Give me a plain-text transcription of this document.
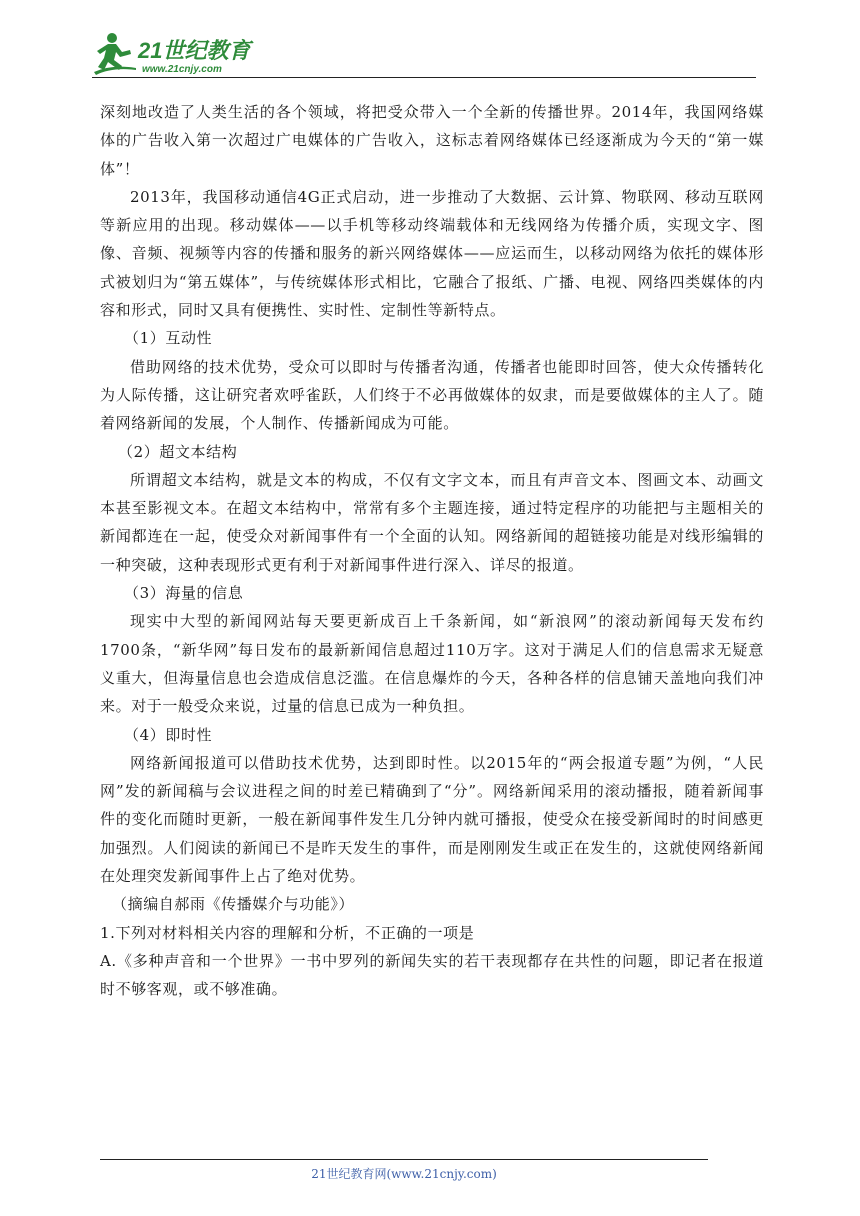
21世纪教育
www.21cnjy.com

深刻地改造了人类生活的各个领域，将把受众带入一个全新的传播世界。2014年，我国网络媒体的广告收入第一次超过广电媒体的广告收入，这标志着网络媒体已经逐渐成为今天的“第一媒体”！

2013年，我国移动通信4G正式启动，进一步推动了大数据、云计算、物联网、移动互联网等新应用的出现。移动媒体——以手机等移动终端载体和无线网络为传播介质，实现文字、图像、音频、视频等内容的传播和服务的新兴网络媒体——应运而生，以移动网络为依托的媒体形式被划归为“第五媒体”，与传统媒体形式相比，它融合了报纸、广播、电视、网络四类媒体的内容和形式，同时又具有便携性、实时性、定制性等新特点。

（1）互动性

借助网络的技术优势，受众可以即时与传播者沟通，传播者也能即时回答，使大众传播转化为人际传播，这让研究者欢呼雀跃，人们终于不必再做媒体的奴隶，而是要做媒体的主人了。随着网络新闻的发展，个人制作、传播新闻成为可能。

（2）超文本结构

所谓超文本结构，就是文本的构成，不仅有文字文本，而且有声音文本、图画文本、动画文本甚至影视文本。在超文本结构中，常常有多个主题连接，通过特定程序的功能把与主题相关的新闻都连在一起，使受众对新闻事件有一个全面的认知。网络新闻的超链接功能是对线形编辑的一种突破，这种表现形式更有利于对新闻事件进行深入、详尽的报道。

（3）海量的信息

现实中大型的新闻网站每天要更新成百上千条新闻，如“新浪网”的滚动新闻每天发布约1700条，“新华网”每日发布的最新新闻信息超过110万字。这对于满足人们的信息需求无疑意义重大，但海量信息也会造成信息泛滥。在信息爆炸的今天，各种各样的信息铺天盖地向我们冲来。对于一般受众来说，过量的信息已成为一种负担。

（4）即时性

网络新闻报道可以借助技术优势，达到即时性。以2015年的“两会报道专题”为例，“人民网”发的新闻稿与会议进程之间的时差已精确到了“分”。网络新闻采用的滚动播报，随着新闻事件的变化而随时更新，一般在新闻事件发生几分钟内就可播报，使受众在接受新闻时的时间感更加强烈。人们阅读的新闻已不是昨天发生的事件，而是刚刚发生或正在发生的，这就使网络新闻在处理突发新闻事件上占了绝对优势。

（摘编自郝雨《传播媒介与功能》）

1.下列对材料相关内容的理解和分析，不正确的一项是

A.《多种声音和一个世界》一书中罗列的新闻失实的若干表现都存在共性的问题，即记者在报道时不够客观，或不够准确。

21世纪教育网(www.21cnjy.com)
